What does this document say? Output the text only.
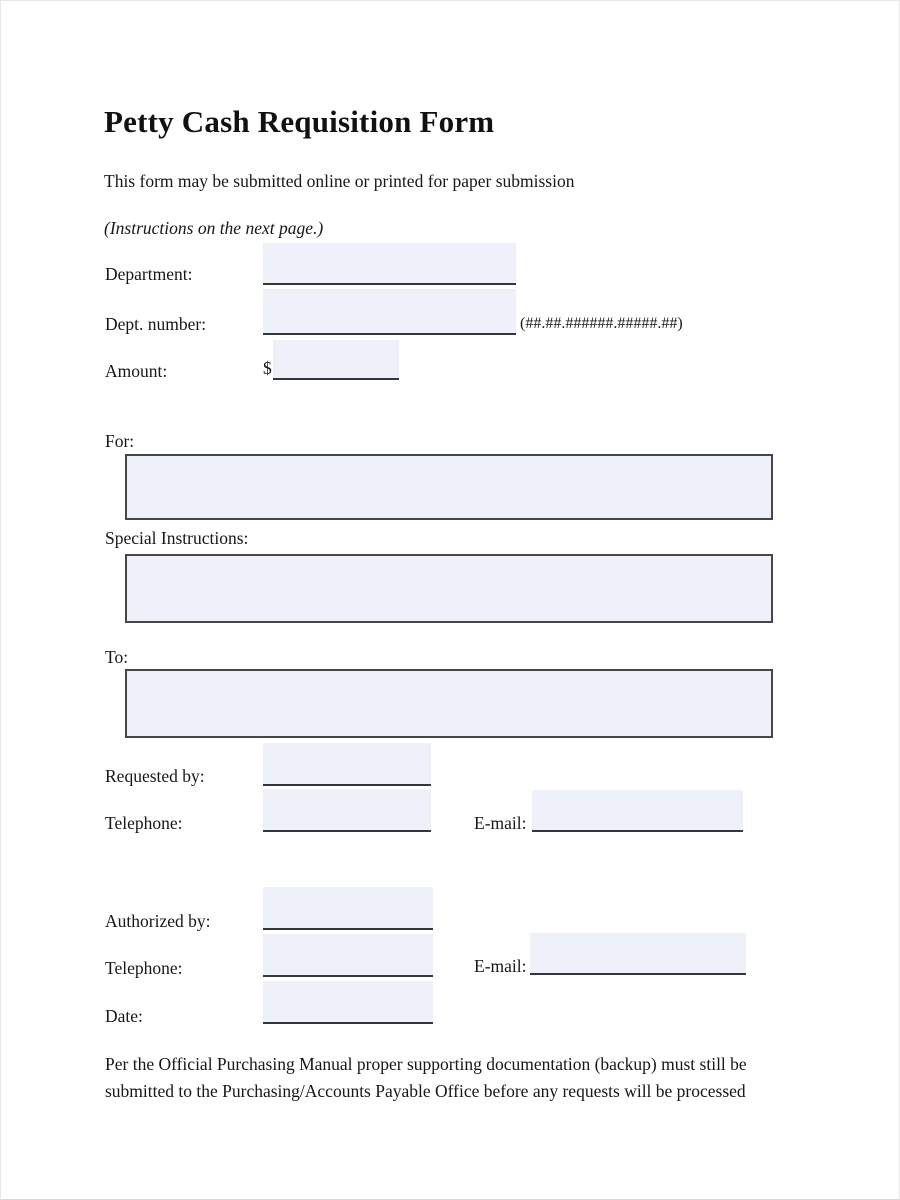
Petty Cash Requisition Form
This form may be submitted online or printed for paper submission
(Instructions on the next page.)
Department:
Dept. number:	(##.##.######.#####.##)
Amount:	$
For:
Special Instructions:
To:
Requested by:
Telephone:	E-mail:
Authorized by:
Telephone:	E-mail:
Date:
Per the Official Purchasing Manual proper supporting documentation (backup) must still be
submitted to the Purchasing/Accounts Payable Office before any requests will be processed
